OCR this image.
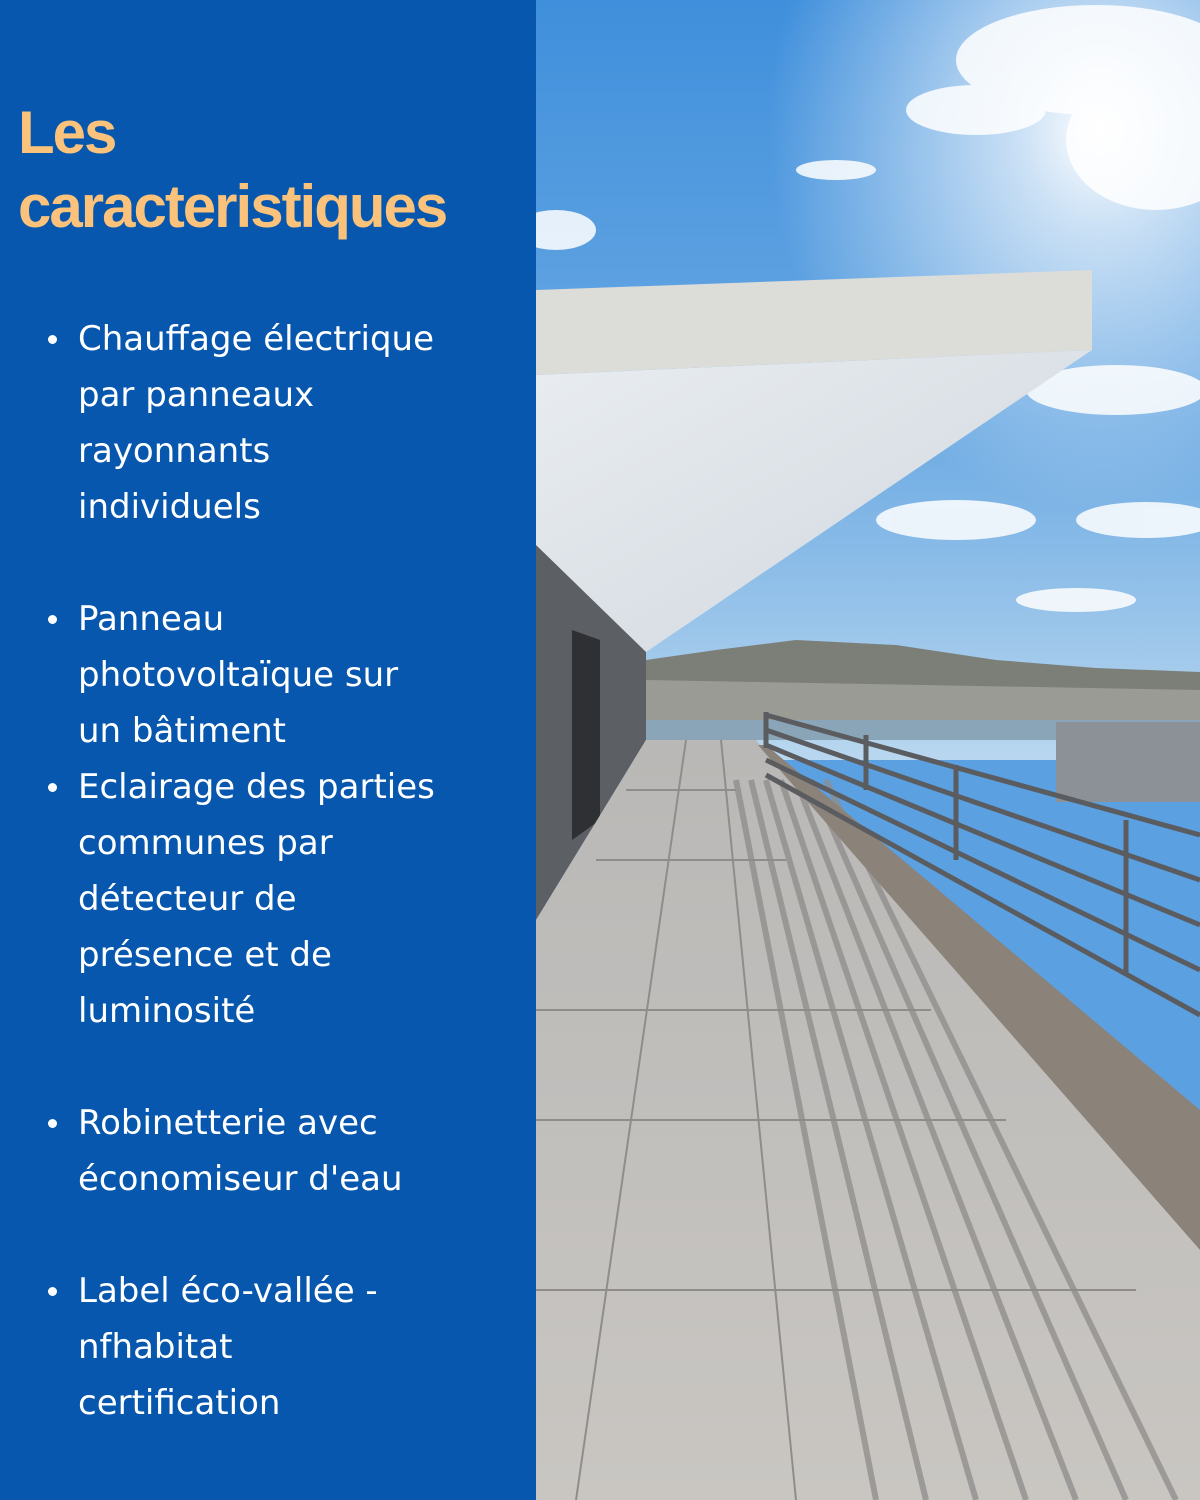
Les
caracteristiques
Chauffage électrique
par panneaux
rayonnants
individuels
Panneau
photovoltaïque sur
un bâtiment
Eclairage des parties
communes par
détecteur de
présence et de
luminosité
Robinetterie avec
économiseur d'eau
Label éco-vallée -
nfhabitat
certification
